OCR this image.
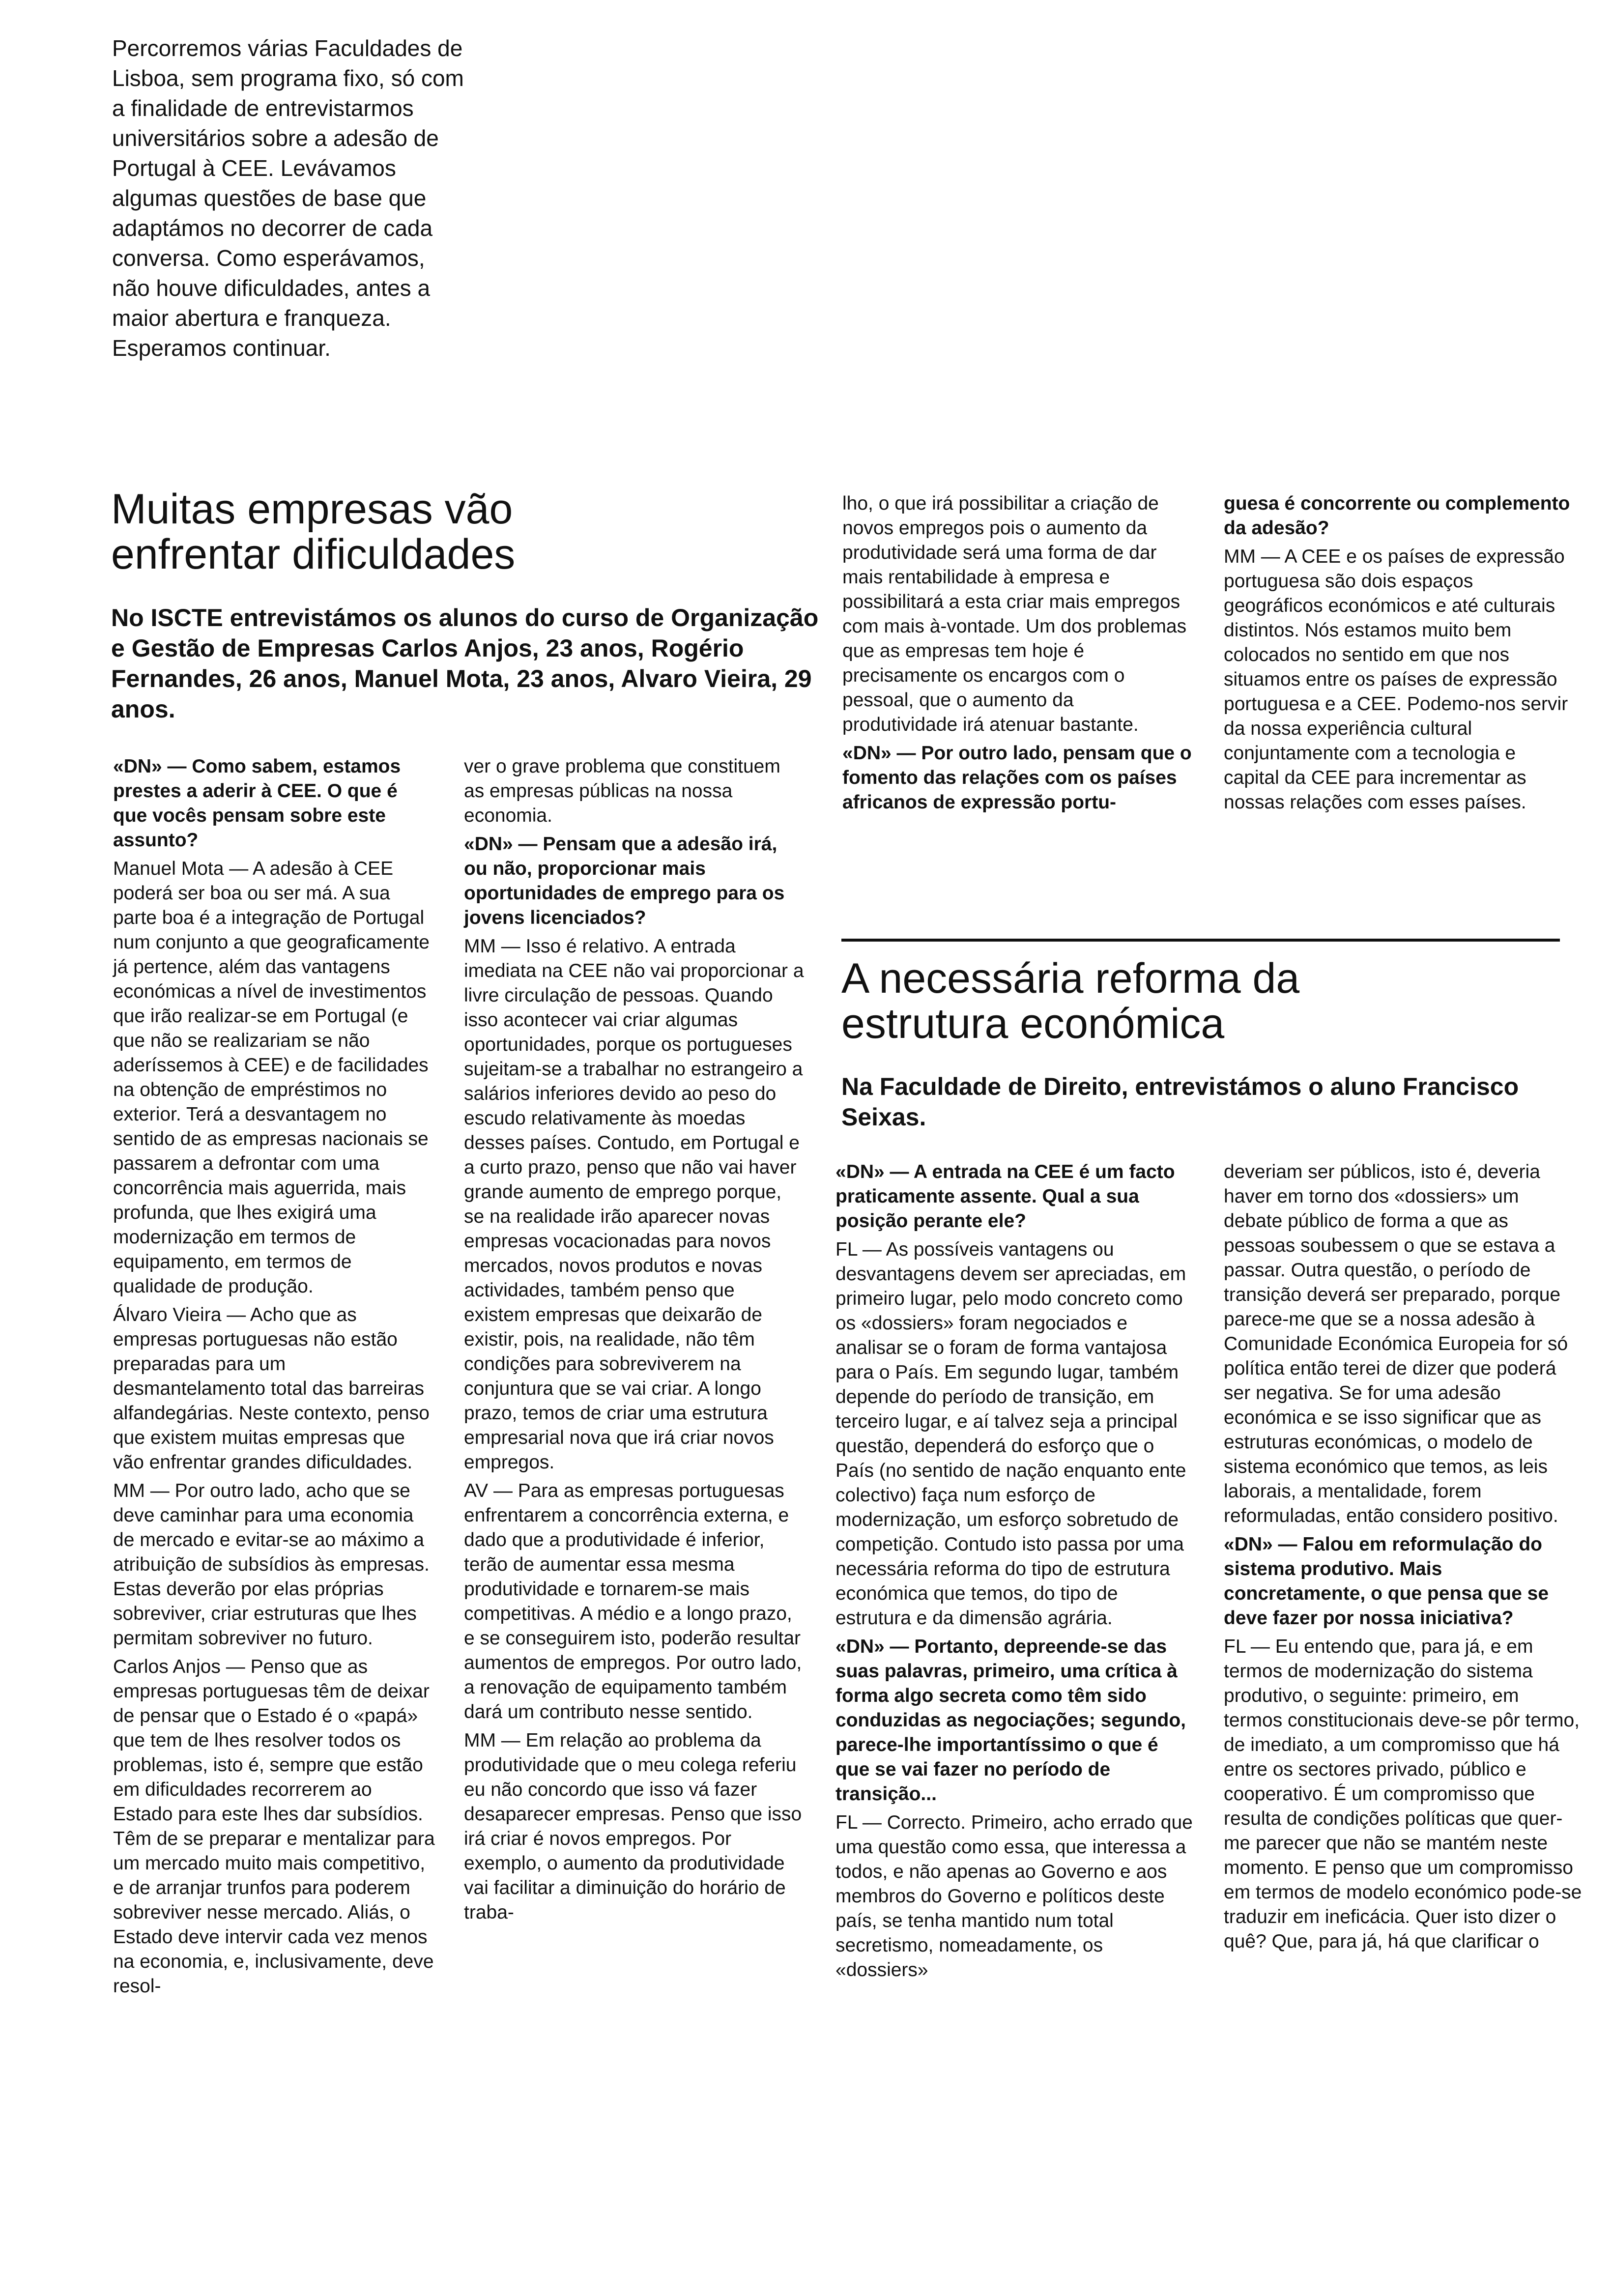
Percorremos várias Faculdades de Lisboa, sem programa fixo, só com a finalidade de entrevistarmos universitários sobre a adesão de Portugal à CEE. Levávamos algumas questões de base que adaptámos no decorrer de cada conversa. Como esperávamos, não houve dificuldades, antes a maior abertura e franqueza. Esperamos continuar.
Muitas empresas vão enfrentar dificuldades

No ISCTE entrevistámos os alunos do curso de Organização e Gestão de Empresas Carlos Anjos, 23 anos, Rogério Fernandes, 26 anos, Manuel Mota, 23 anos, Alvaro Vieira, 29 anos.

«DN» — Como sabem, estamos prestes a aderir à CEE. O que é que vocês pensam sobre este assunto?

Manuel Mota — A adesão à CEE poderá ser boa ou ser má. A sua parte boa é a integração de Portugal num conjunto a que geograficamente já pertence, além das vantagens económicas a nível de investimentos que irão realizar-se em Portugal (e que não se realizariam se não aderíssemos à CEE) e de facilidades na obtenção de empréstimos no exterior. Terá a desvantagem no sentido de as empresas nacionais se passarem a defrontar com uma concorrência mais aguerrida, mais profunda, que lhes exigirá uma modernização em termos de equipamento, em termos de qualidade de produção.

Álvaro Vieira — Acho que as empresas portuguesas não estão preparadas para um desmantelamento total das barreiras alfandegárias. Neste contexto, penso que existem muitas empresas que vão enfrentar grandes dificuldades.

MM — Por outro lado, acho que se deve caminhar para uma economia de mercado e evitar-se ao máximo a atribuição de subsídios às empresas. Estas deverão por elas próprias sobreviver, criar estruturas que lhes permitam sobreviver no futuro.

Carlos Anjos — Penso que as empresas portuguesas têm de deixar de pensar que o Estado é o «papá» que tem de lhes resolver todos os problemas, isto é, sempre que estão em dificuldades recorrerem ao Estado para este lhes dar subsídios. Têm de se preparar e mentalizar para um mercado muito mais competitivo, e de arranjar trunfos para poderem sobreviver nesse mercado. Aliás, o Estado deve intervir cada vez menos na economia, e, inclusivamente, deve resol-

ver o grave problema que constituem as empresas públicas na nossa economia.

«DN» — Pensam que a adesão irá, ou não, proporcionar mais oportunidades de emprego para os jovens licenciados?

MM — Isso é relativo. A entrada imediata na CEE não vai proporcionar a livre circulação de pessoas. Quando isso acontecer vai criar algumas oportunidades, porque os portugueses sujeitam-se a trabalhar no estrangeiro a salários inferiores devido ao peso do escudo relativamente às moedas desses países. Contudo, em Portugal e a curto prazo, penso que não vai haver grande aumento de emprego porque, se na realidade irão aparecer novas empresas vocacionadas para novos mercados, novos produtos e novas actividades, também penso que existem empresas que deixarão de existir, pois, na realidade, não têm condições para sobreviverem na conjuntura que se vai criar. A longo prazo, temos de criar uma estrutura empresarial nova que irá criar novos empregos.

AV — Para as empresas portuguesas enfrentarem a concorrência externa, e dado que a produtividade é inferior, terão de aumentar essa mesma produtividade e tornarem-se mais competitivas. A médio e a longo prazo, e se conseguirem isto, poderão resultar aumentos de empregos. Por outro lado, a renovação de equipamento também dará um contributo nesse sentido.

MM — Em relação ao problema da produtividade que o meu colega referiu eu não concordo que isso vá fazer desaparecer empresas. Penso que isso irá criar é novos empregos. Por exemplo, o aumento da produtividade vai facilitar a diminuição do horário de traba-

lho, o que irá possibilitar a criação de novos empregos pois o aumento da produtividade será uma forma de dar mais rentabilidade à empresa e possibilitará a esta criar mais empregos com mais à-vontade. Um dos problemas que as empresas tem hoje é precisamente os encargos com o pessoal, que o aumento da produtividade irá atenuar bastante.

«DN» — Por outro lado, pensam que o fomento das relações com os países africanos de expressão portu-

guesa é concorrente ou complemento da adesão?

MM — A CEE e os países de expressão portuguesa são dois espaços geográficos económicos e até culturais distintos. Nós estamos muito bem colocados no sentido em que nos situamos entre os países de expressão portuguesa e a CEE. Podemo-nos servir da nossa experiência cultural conjuntamente com a tecnologia e capital da CEE para incrementar as nossas relações com esses países.

A necessária reforma da estrutura económica

Na Faculdade de Direito, entrevistámos o aluno Francisco Seixas.

«DN» — A entrada na CEE é um facto praticamente assente. Qual a sua posição perante ele?

FL — As possíveis vantagens ou desvantagens devem ser apreciadas, em primeiro lugar, pelo modo concreto como os «dossiers» foram negociados e analisar se o foram de forma vantajosa para o País. Em segundo lugar, também depende do período de transição, em terceiro lugar, e aí talvez seja a principal questão, dependerá do esforço que o País (no sentido de nação enquanto ente colectivo) faça num esforço de modernização, um esforço sobretudo de competição. Contudo isto passa por uma necessária reforma do tipo de estrutura económica que temos, do tipo de estrutura e da dimensão agrária.

«DN» — Portanto, depreende-se das suas palavras, primeiro, uma crítica à forma algo secreta como têm sido conduzidas as negociações; segundo, parece-lhe importantíssimo o que é que se vai fazer no período de transição...

FL — Correcto. Primeiro, acho errado que uma questão como essa, que interessa a todos, e não apenas ao Governo e aos membros do Governo e políticos deste país, se tenha mantido num total secretismo, nomeadamente, os «dossiers»

deveriam ser públicos, isto é, deveria haver em torno dos «dossiers» um debate público de forma a que as pessoas soubessem o que se estava a passar. Outra questão, o período de transição deverá ser preparado, porque parece-me que se a nossa adesão à Comunidade Económica Europeia for só política então terei de dizer que poderá ser negativa. Se for uma adesão económica e se isso significar que as estruturas económicas, o modelo de sistema económico que temos, as leis laborais, a mentalidade, forem reformuladas, então considero positivo.

«DN» — Falou em reformulação do sistema produtivo. Mais concretamente, o que pensa que se deve fazer por nossa iniciativa?

FL — Eu entendo que, para já, e em termos de modernização do sistema produtivo, o seguinte: primeiro, em termos constitucionais deve-se pôr termo, de imediato, a um compromisso que há entre os sectores privado, público e cooperativo. É um compromisso que resulta de condições políticas que quer-me parecer que não se mantém neste momento. E penso que um compromisso em termos de modelo económico pode-se traduzir em ineficácia. Quer isto dizer o quê? Que, para já, há que clarificar o
